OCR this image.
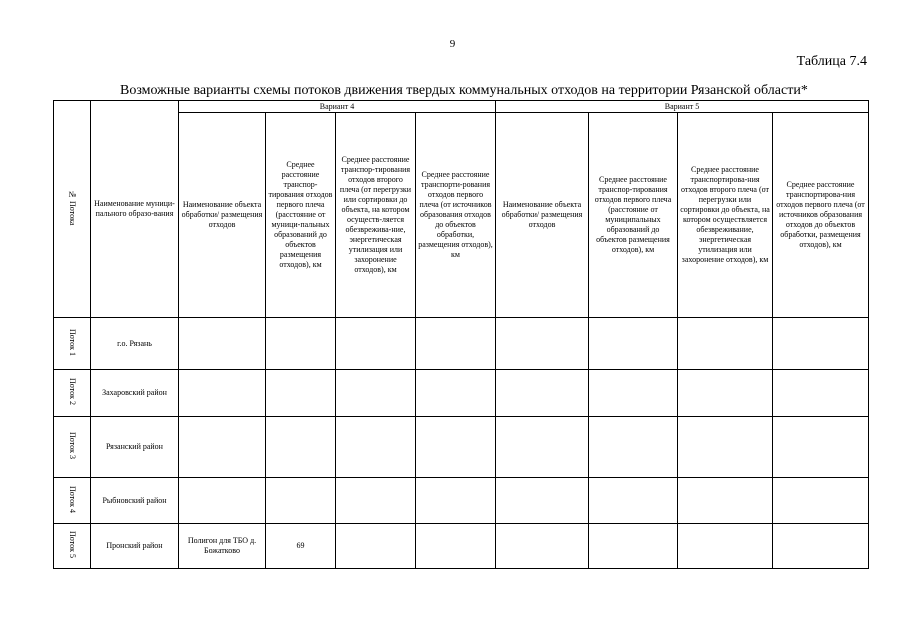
9
Таблица 7.4
Возможные варианты схемы потоков движения твердых коммунальных отходов на территории Рязанской области*
№ Потока	Наименование муници-пального образо-вания	Вариант 4				Вариант 5			
		Наименование объекта обработки/ размещения отходов	Среднее расстояние транспор-тирования отходов первого плеча (расстояние от муници-пальных образований до объектов размещения отходов), км	Среднее расстояние транспор-тирования отходов второго плеча (от перегрузки или сортировки до объекта, на котором осуществ-ляется обезврежива-ние, энергетическая утилизация или захоронение отходов), км	Среднее расстояние транспорти-рования отходов первого плеча (от источников образования отходов до объектов обработки, размещения отходов), км	Наименование объекта обработки/ размещения отходов	Среднее расстояние транспор-тирования отходов первого плеча (расстояние от муниципальных образований до объектов размещения отходов), км	Среднее расстояние транспортирова-ния отходов второго плеча (от перегрузки или сортировки до объекта, на котором осуществляется обезвреживание, энергетическая утилизация или захоронение отходов), км	Среднее расстояние транспортирова-ния отходов первого плеча (от источников образования отходов до объектов обработки, размещения отходов), км
Поток 1	г.о. Рязань								
Поток 2	Захаровский район								
Поток 3	Рязанский район								
Поток 4	Рыбновский район								
Поток 5	Пронский район	Полигон для ТБО д. Божатково	69						
